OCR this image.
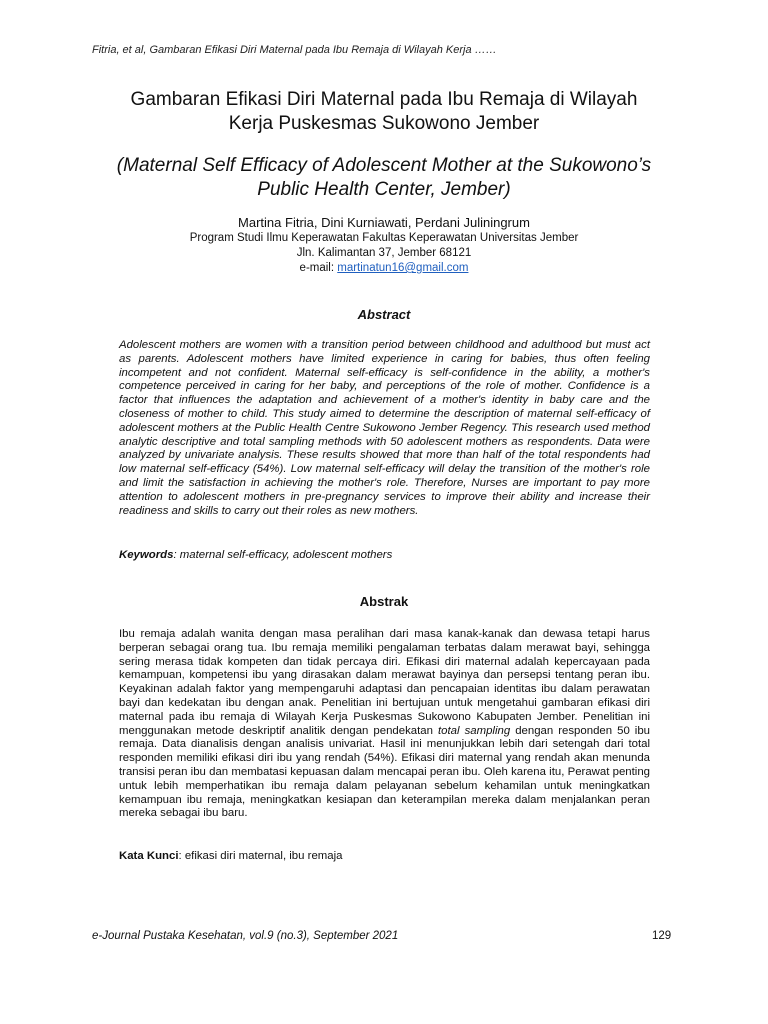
Fitria, et al, Gambaran Efikasi Diri Maternal pada Ibu Remaja di Wilayah Kerja ……
Gambaran Efikasi Diri Maternal pada Ibu Remaja di Wilayah
Kerja Puskesmas Sukowono Jember
(Maternal Self Efficacy of Adolescent Mother at the Sukowono’s
Public Health Center, Jember)
Martina Fitria, Dini Kurniawati, Perdani Juliningrum
Program Studi Ilmu Keperawatan Fakultas Keperawatan Universitas Jember
Jln. Kalimantan 37, Jember 68121
e-mail: martinatun16@gmail.com
Abstract

Adolescent mothers are women with a transition period between childhood and adulthood but must act as parents. Adolescent mothers have limited experience in caring for babies, thus often feeling incompetent and not confident. Maternal self-efficacy is self-confidence in the ability, a mother's competence perceived in caring for her baby, and perceptions of the role of mother. Confidence is a factor that influences the adaptation and achievement of a mother's identity in baby care and the closeness of mother to child. This study aimed to determine the description of maternal self-efficacy of adolescent mothers at the Public Health Centre Sukowono Jember Regency. This research used method analytic descriptive and total sampling methods with 50 adolescent mothers as respondents. Data were analyzed by univariate analysis. These results showed that more than half of the total respondents had low maternal self-efficacy (54%). Low maternal self-efficacy will delay the transition of the mother's role and limit the satisfaction in achieving the mother's role. Therefore, Nurses are important to pay more attention to adolescent mothers in pre-pregnancy services to improve their ability and increase their readiness and skills to carry out their roles as new mothers.

Keywords: maternal self-efficacy, adolescent mothers
Abstrak

Ibu remaja adalah wanita dengan masa peralihan dari masa kanak-kanak dan dewasa tetapi harus berperan sebagai orang tua. Ibu remaja memiliki pengalaman terbatas dalam merawat bayi, sehingga sering merasa tidak kompeten dan tidak percaya diri. Efikasi diri maternal adalah kepercayaan pada kemampuan, kompetensi ibu yang dirasakan dalam merawat bayinya dan persepsi tentang peran ibu. Keyakinan adalah faktor yang mempengaruhi adaptasi dan pencapaian identitas ibu dalam perawatan bayi dan kedekatan ibu dengan anak. Penelitian ini bertujuan untuk mengetahui gambaran efikasi diri maternal pada ibu remaja di Wilayah Kerja Puskesmas Sukowono Kabupaten Jember. Penelitian ini menggunakan metode deskriptif analitik dengan pendekatan total sampling dengan responden 50 ibu remaja. Data dianalisis dengan analisis univariat. Hasil ini menunjukkan lebih dari setengah dari total responden memiliki efikasi diri ibu yang rendah (54%). Efikasi diri maternal yang rendah akan menunda transisi peran ibu dan membatasi kepuasan dalam mencapai peran ibu. Oleh karena itu, Perawat penting untuk lebih memperhatikan ibu remaja dalam pelayanan sebelum kehamilan untuk meningkatkan kemampuan ibu remaja, meningkatkan kesiapan dan keterampilan mereka dalam menjalankan peran mereka sebagai ibu baru.

Kata Kunci: efikasi diri maternal, ibu remaja
e-Journal Pustaka Kesehatan, vol.9 (no.3), September 2021	129
